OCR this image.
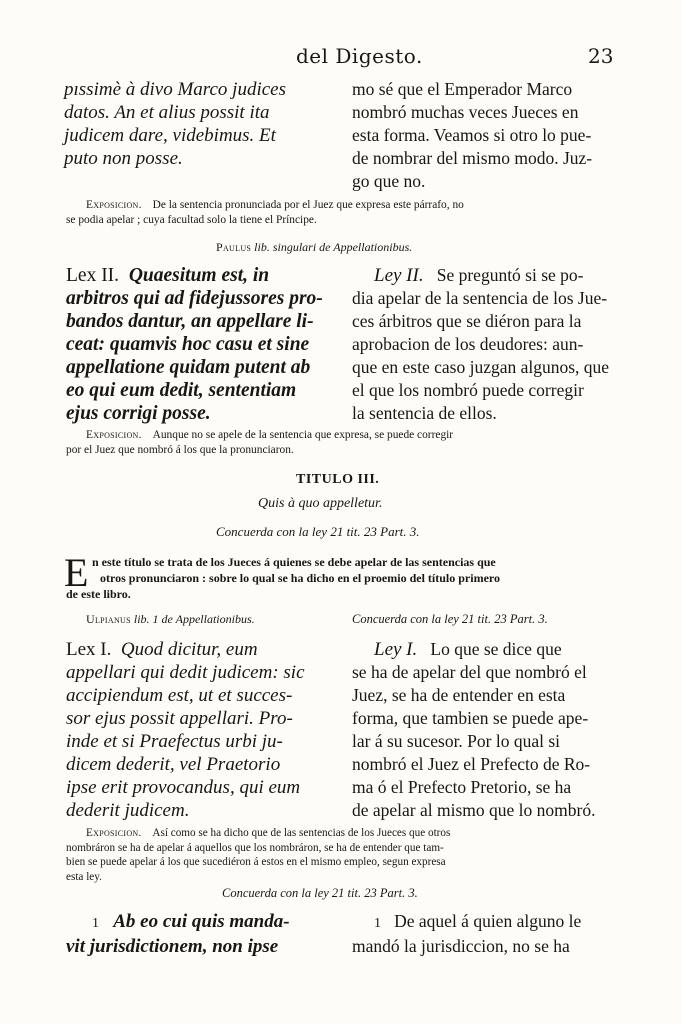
del Digesto.	23
pıssimè à divo Marco judices
datos. An et alius possit ita
judicem dare, videbimus. Et
puto non posse.
mo sé que el Emperador Marco
nombró muchas veces Jueces en
esta forma. Veamos si otro lo pue-
de nombrar del mismo modo. Juz-
go que no.
Exposicion. De la sentencia pronunciada por el Juez que expresa este párrafo, no
se podia apelar ; cuya facultad solo la tiene el Príncipe.
Paulus lib. singulari de Appellationibus.
Lex II. Quaesitum est, in
arbitros qui ad fidejussores pro-
bandos dantur, an appellare li-
ceat: quamvis hoc casu et sine
appellatione quidam putent ab
eo qui eum dedit, sententiam
ejus corrigi posse.
Ley II. Se preguntó si se po-
dia apelar de la sentencia de los Jue-
ces árbitros que se diéron para la
aprobacion de los deudores: aun-
que en este caso juzgan algunos, que
el que los nombró puede corregir
la sentencia de ellos.
Exposicion. Aunque no se apele de la sentencia que expresa, se puede corregir
por el Juez que nombró á los que la pronunciaron.
TITULO III.
Quis à quo appelletur.
Concuerda con la ley 21 tit. 23 Part. 3.
E n este título se trata de los Jueces á quienes se debe apelar de las sentencias que
otros pronunciaron : sobre lo qual se ha dicho en el proemio del título primero
de este libro.
Ulpianus lib. 1 de Appellationibus.	Concuerda con la ley 21 tit. 23 Part. 3.
Lex I. Quod dicitur, eum
appellari qui dedit judicem: sic
accipiendum est, ut et succes-
sor ejus possit appellari. Pro-
inde et si Praefectus urbi ju-
dicem dederit, vel Praetorio
ipse erit provocandus, qui eum
dederit judicem.
Ley I. Lo que se dice que
se ha de apelar del que nombró el
Juez, se ha de entender en esta
forma, que tambien se puede ape-
lar á su sucesor. Por lo qual si
nombró el Juez el Prefecto de Ro-
ma ó el Prefecto Pretorio, se ha
de apelar al mismo que lo nombró.
Exposicion. Así como se ha dicho que de las sentencias de los Jueces que otros
nombráron se ha de apelar á aquellos que los nombráron, se ha de entender que tam-
bien se puede apelar á los que sucediéron á estos en el mismo empleo, segun expresa
esta ley.
Concuerda con la ley 21 tit. 23 Part. 3.
1 Ab eo cui quis manda-
vit jurisdictionem, non ipse
1 De aquel á quien alguno le
mandó la jurisdiccion, no se ha
